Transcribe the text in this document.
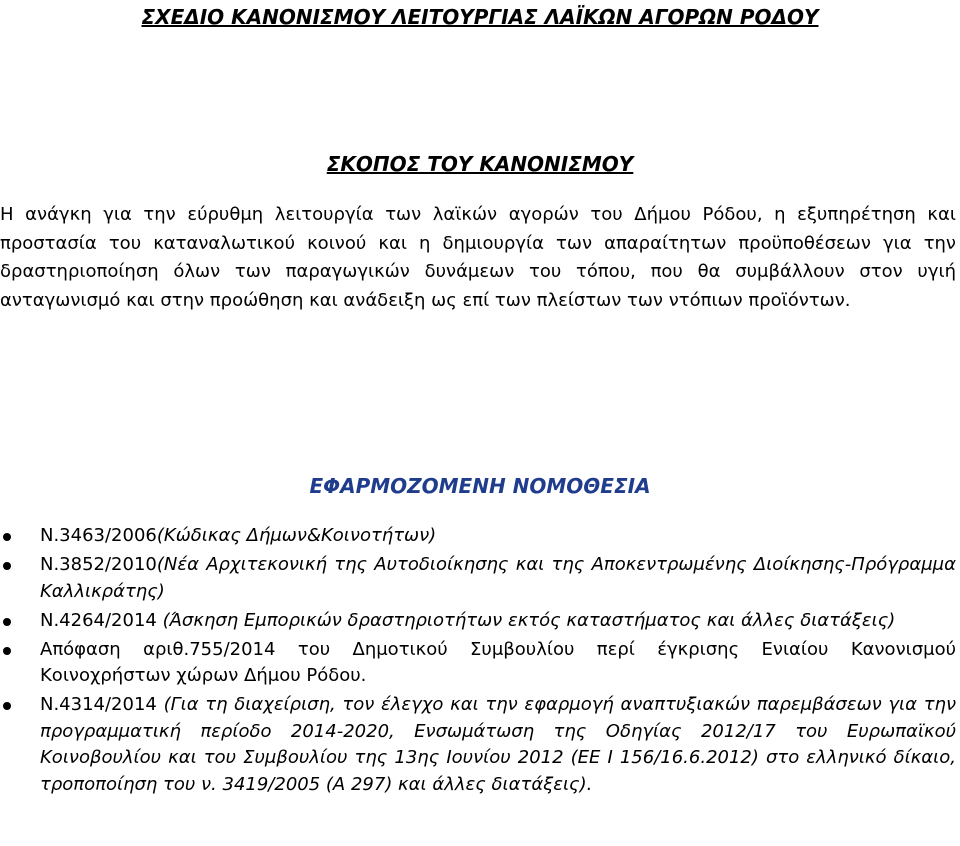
ΣΧΕΔΙΟ ΚΑΝΟΝΙΣΜΟΥ ΛΕΙΤΟΥΡΓΙΑΣ ΛΑΪΚΩΝ ΑΓΟΡΩΝ ΡΟΔΟΥ
ΣΚΟΠΟΣ ΤΟΥ ΚΑΝΟΝΙΣΜΟΥ

Η ανάγκη για την εύρυθμη λειτουργία των λαϊκών αγορών του Δήμου Ρόδου, η εξυπηρέτηση και προστασία του καταναλωτικού κοινού και η δημιουργία των απαραίτητων προϋποθέσεων για την δραστηριοποίηση όλων των παραγωγικών δυνάμεων του τόπου, που θα συμβάλλουν στον υγιή ανταγωνισμό και στην προώθηση και ανάδειξη ως επί των πλείστων των ντόπιων προϊόντων.

ΕΦΑΡΜΟΖΟΜΕΝΗ ΝΟΜΟΘΕΣΙΑ
Ν.3463/2006(Κώδικας Δήμων&Κοινοτήτων)
Ν.3852/2010(Νέα Αρχιτεκονική της Αυτοδιοίκησης και της Αποκεντρωμένης Διοίκησης-Πρόγραμμα Καλλικράτης)
Ν.4264/2014 (Άσκηση Εμπορικών δραστηριοτήτων εκτός καταστήματος και άλλες διατάξεις)
Απόφαση αριθ.755/2014 του Δημοτικού Συμβουλίου περί έγκρισης Ενιαίου Κανονισμού Κοινοχρήστων χώρων Δήμου Ρόδου.
Ν.4314/2014 (Για τη διαχείριση, τον έλεγχο και την εφαρμογή αναπτυξιακών παρεμβάσεων για την προγραμματική περίοδο 2014-2020, Ενσωμάτωση της Οδηγίας 2012/17 του Ευρωπαϊκού Κοινοβουλίου και του Συμβουλίου της 13ης Ιουνίου 2012 (ΕΕ Ι 156/16.6.2012) στο ελληνικό δίκαιο, τροποποίηση του ν. 3419/2005 (Α 297) και άλλες διατάξεις).
